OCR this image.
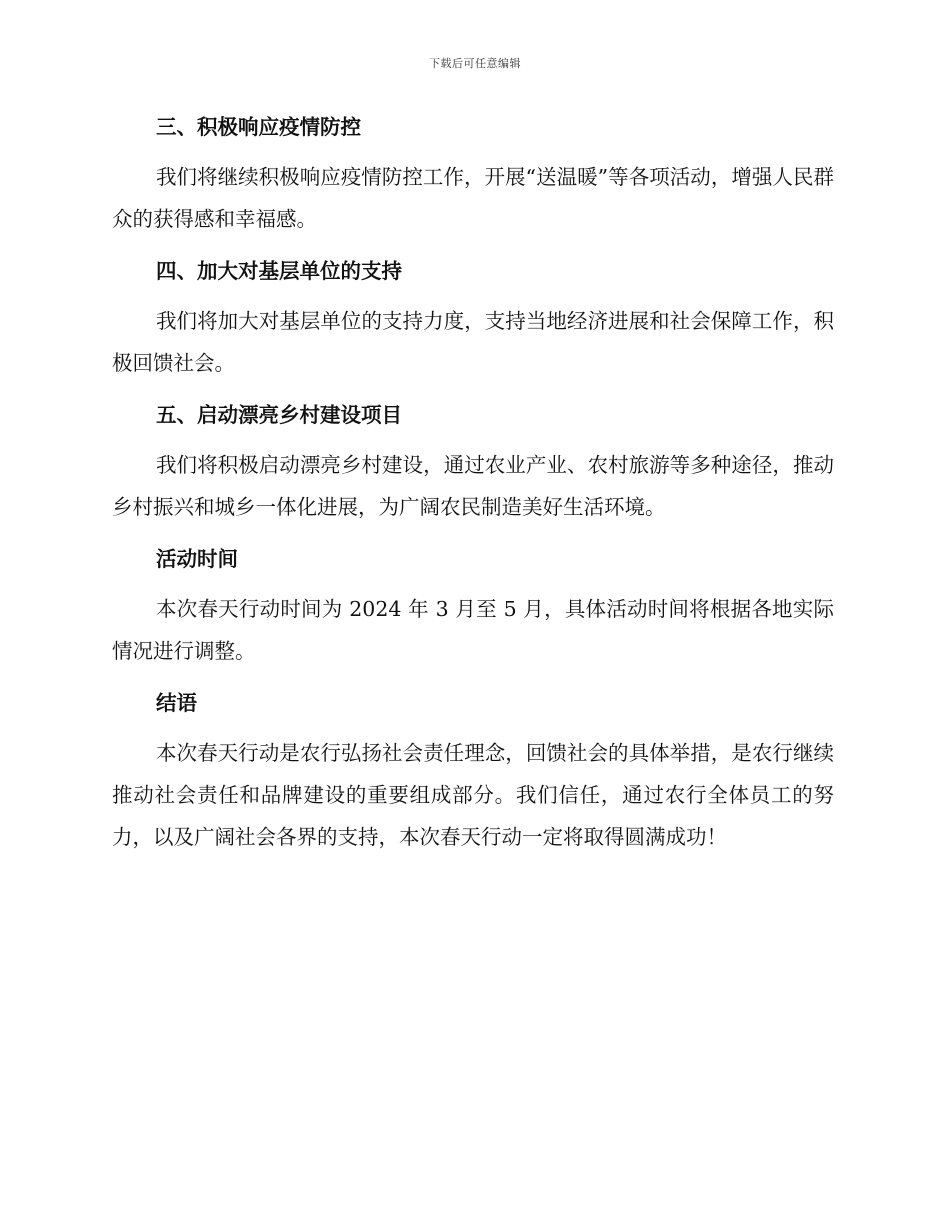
下载后可任意编辑
三、积极响应疫情防控

我们将继续积极响应疫情防控工作，开展“送温暖”等各项活动，增强人民群众的获得感和幸福感。

四、加大对基层单位的支持

我们将加大对基层单位的支持力度，支持当地经济进展和社会保障工作，积极回馈社会。

五、启动漂亮乡村建设项目

我们将积极启动漂亮乡村建设，通过农业产业、农村旅游等多种途径，推动乡村振兴和城乡一体化进展，为广阔农民制造美好生活环境。

活动时间

本次春天行动时间为 2024 年 3 月至 5 月，具体活动时间将根据各地实际情况进行调整。

结语

本次春天行动是农行弘扬社会责任理念，回馈社会的具体举措，是农行继续推动社会责任和品牌建设的重要组成部分。我们信任，通过农行全体员工的努力，以及广阔社会各界的支持，本次春天行动一定将取得圆满成功！
